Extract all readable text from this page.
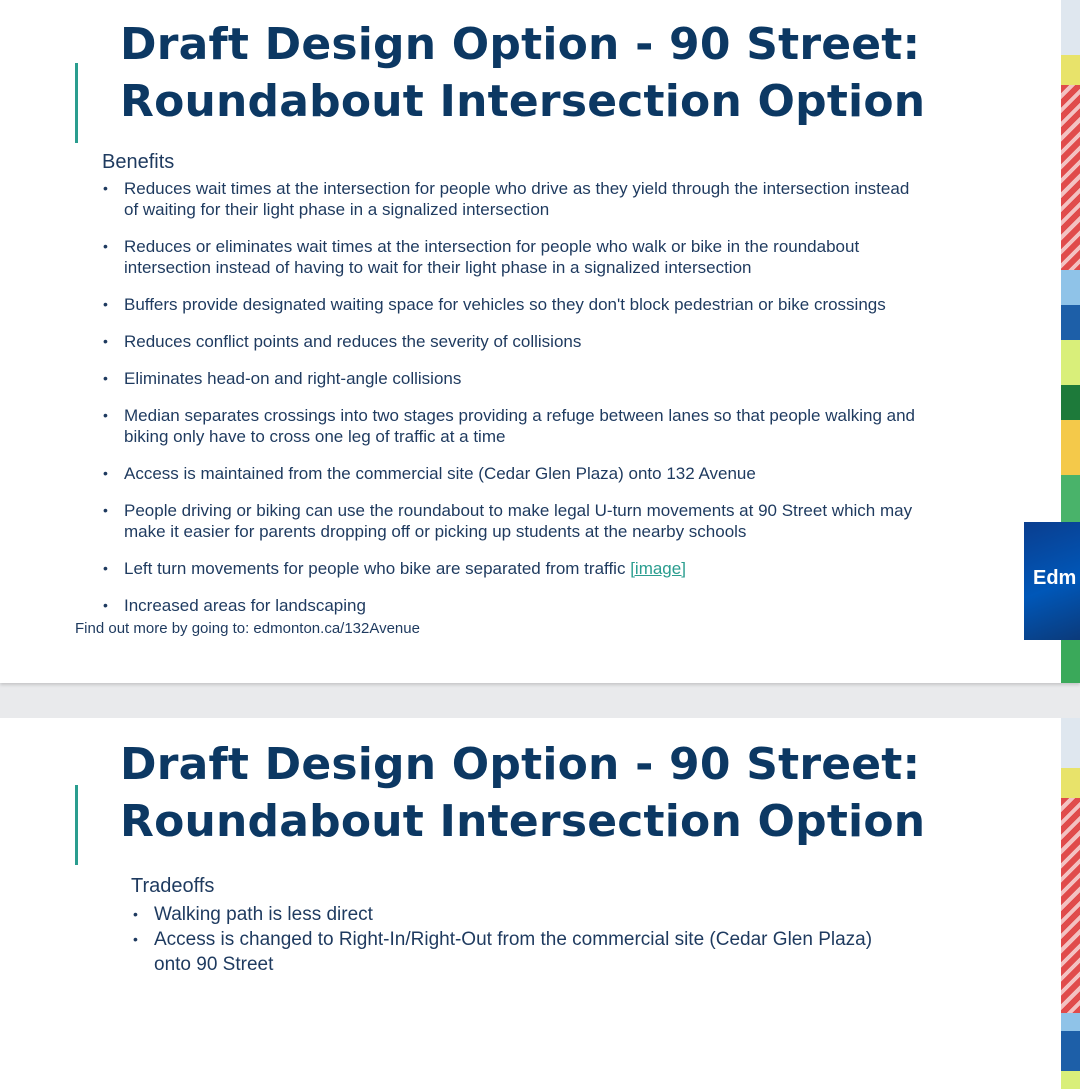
Draft Design Option - 90 Street:
Roundabout Intersection Option
Benefits
• Reduces wait times at the intersection for people who drive as they yield through the intersection instead of waiting for their light phase in a signalized intersection
• Reduces or eliminates wait times at the intersection for people who walk or bike in the roundabout intersection instead of having to wait for their light phase in a signalized intersection
• Buffers provide designated waiting space for vehicles so they don't block pedestrian or bike crossings
• Reduces conflict points and reduces the severity of collisions
• Eliminates head-on and right-angle collisions
• Median separates crossings into two stages providing a refuge between lanes so that people walking and biking only have to cross one leg of traffic at a time
• Access is maintained from the commercial site (Cedar Glen Plaza) onto 132 Avenue
• People driving or biking can use the roundabout to make legal U-turn movements at 90 Street which may make it easier for parents dropping off or picking up students at the nearby schools
• Left turn movements for people who bike are separated from traffic [image]
• Increased areas for landscaping
Find out more by going to: edmonton.ca/132Avenue
Edm
Draft Design Option - 90 Street:
Roundabout Intersection Option
Tradeoffs
• Walking path is less direct
• Access is changed to Right-In/Right-Out from the commercial site (Cedar Glen Plaza) onto 90 Street
